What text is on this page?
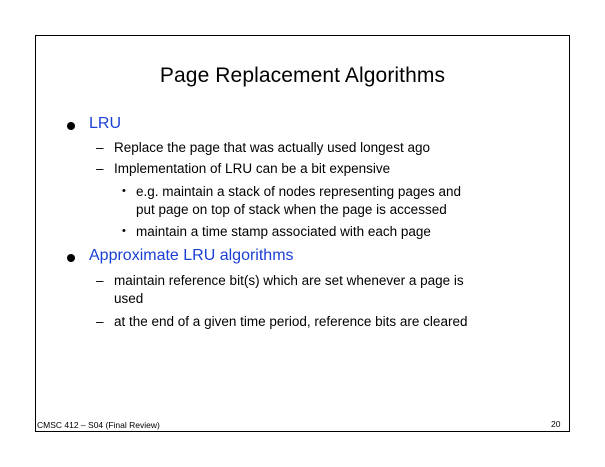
Page Replacement Algorithms
LRU
– Replace the page that was actually used longest ago
– Implementation of LRU can be a bit expensive
• e.g. maintain a stack of nodes representing pages and
put page on top of stack when the page is accessed
• maintain a time stamp associated with each page
Approximate LRU algorithms
– maintain reference bit(s) which are set whenever a page is
used
– at the end of a given time period, reference bits are cleared
CMSC 412 – S04 (Final Review)	20
